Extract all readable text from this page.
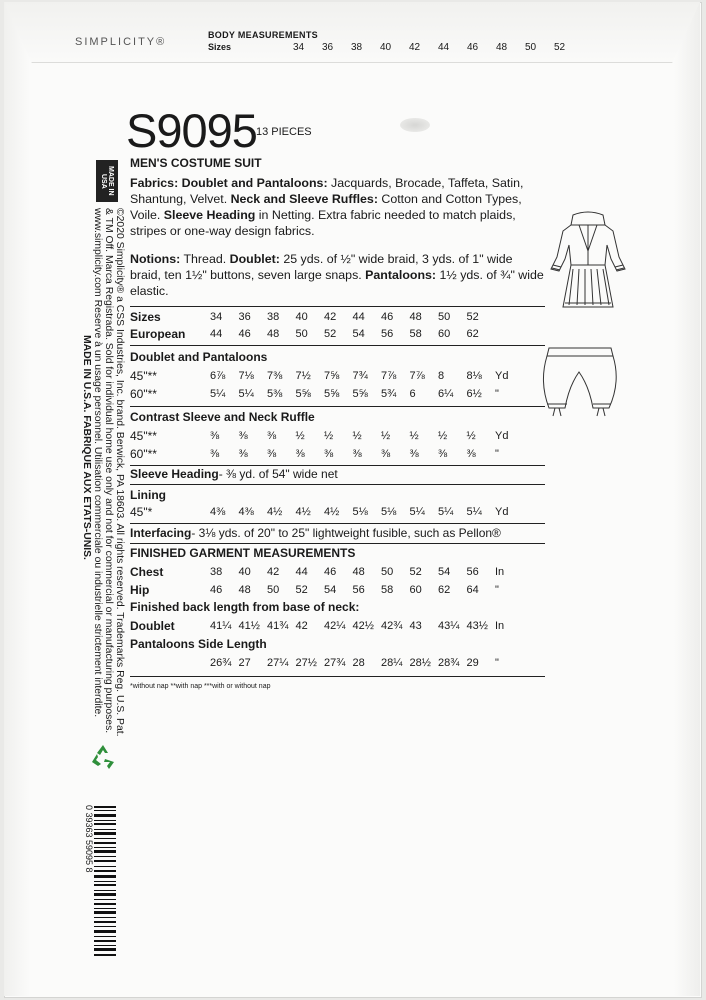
SIMPLICITY®
BODY MEASUREMENTS
Sizes	34	36	38	40	42	44	46	48	50	52
S9095 13 PIECES
MEN'S COSTUME SUIT
Fabrics: Doublet and Pantaloons: Jacquards, Brocade, Taffeta, Satin, Shantung, Velvet. Neck and Sleeve Ruffles: Cotton and Cotton Types, Voile. Sleeve Heading in Netting. Extra fabric needed to match plaids, stripes or one-way design fabrics.
Notions: Thread. Doublet: 25 yds. of ½" wide braid, 3 yds. of 1" wide braid, ten 1½" buttons, seven large snaps. Pantaloons: 1½ yds. of ¾" wide elastic.
Sizes	34	36	38	40	42	44	46	48	50	52
European	44	46	48	50	52	54	56	58	60	62
Doublet and Pantaloons
45"**	6⅞	7⅛	7⅜	7½	7⅝	7¾	7⅞	7⅞	8	8⅛	Yd
60"**	5¼	5¼	5⅜	5⅝	5⅝	5⅝	5¾	6	6¼	6½	"
Contrast Sleeve and Neck Ruffle
45"**	⅜	⅜	⅜	½	½	½	½	½	½	½	Yd
60"**	⅜	⅜	⅜	⅜	⅜	⅜	⅜	⅜	⅜	⅜	"
Sleeve Heading- ⅜ yd. of 54" wide net
Lining
45"*	4⅜	4⅜	4½	4½	4½	5⅛	5⅛	5¼	5¼	5¼	Yd
Interfacing- 3⅛ yds. of 20" to 25" lightweight fusible, such as Pellon®
FINISHED GARMENT MEASUREMENTS
Chest	38	40	42	44	46	48	50	52	54	56	In
Hip	46	48	50	52	54	56	58	60	62	64	"
Finished back length from base of neck:
Doublet	41¼ 41½ 41¾ 42	42¼ 42½ 42¾ 43	43¼ 43½ In
Pantaloons Side Length
26¾ 27	27¼ 27½ 27¾ 28	28¼ 28½ 28¾ 29	"
*without nap **with nap ***with or without nap
MADE IN USA
©2020 Simplicity® a CSS Industries, Inc. brand. Berwick, PA 18603. All rights reserved. Trademarks Reg. U.S. Pat.
& TM Off. Marca Registrada. Sold for individual home use only and not for commercial or manufacturing purposes.
www.simplicity.com Reserve à un usage personnel. Utilisation commerciale ou industrielle strictement interdite.
MADE IN U.S.A. FABRIQUE AUX ETATS-UNIS.
0 39363 59095 8
